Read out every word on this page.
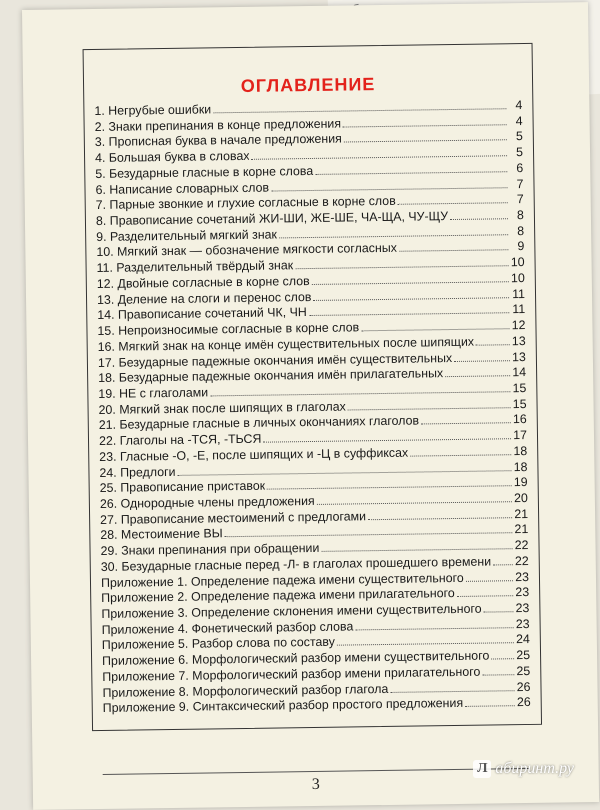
ОГЛАВЛЕНИЕ
1. Негрубые ошибки	4
2. Знаки препинания в конце предложения	4
3. Прописная буква в начале предложения	5
4. Большая буква в словах	5
5. Безударные гласные в корне слова	6
6. Написание словарных слов	7
7. Парные звонкие и глухие согласные в корне слов	7
8. Правописание сочетаний ЖИ-ШИ, ЖЕ-ШЕ, ЧА-ЩА, ЧУ-ЩУ	8
9. Разделительный мягкий знак	8
10. Мягкий знак — обозначение мягкости согласных	9
11. Разделительный твёрдый знак	10
12. Двойные согласные в корне слов	10
13. Деление на слоги и перенос слов	11
14. Правописание сочетаний ЧК, ЧН	11
15. Непроизносимые согласные в корне слов	12
16. Мягкий знак на конце имён существительных после шипящих	13
17. Безударные падежные окончания имён существительных	13
18. Безударные падежные окончания имён прилагательных	14
19. НЕ с глаголами	15
20. Мягкий знак после шипящих в глаголах	15
21. Безударные гласные в личных окончаниях глаголов	16
22. Глаголы на -ТСЯ, -ТЬСЯ	17
23. Гласные -О, -Е, после шипящих и -Ц в суффиксах	18
24. Предлоги	18
25. Правописание приставок	19
26. Однородные члены предложения	20
27. Правописание местоимений с предлогами	21
28. Местоимение ВЫ	21
29. Знаки препинания при обращении	22
30. Безударные гласные перед -Л- в глаголах прошедшего времени 22
Приложение 1. Определение падежа имени существительного	23
Приложение 2. Определение падежа имени прилагательного	23
Приложение 3. Определение склонения имени существительного	23
Приложение 4. Фонетический разбор слова	23
Приложение 5. Разбор слова по составу	24
Приложение 6. Морфологический разбор имени существительного 25
Приложение 7. Морфологический разбор имени прилагательного	25
Приложение 8. Морфологический разбор глагола	26
Приложение 9. Синтаксический разбор простого предложения	26
3
Л абиринт.ру
